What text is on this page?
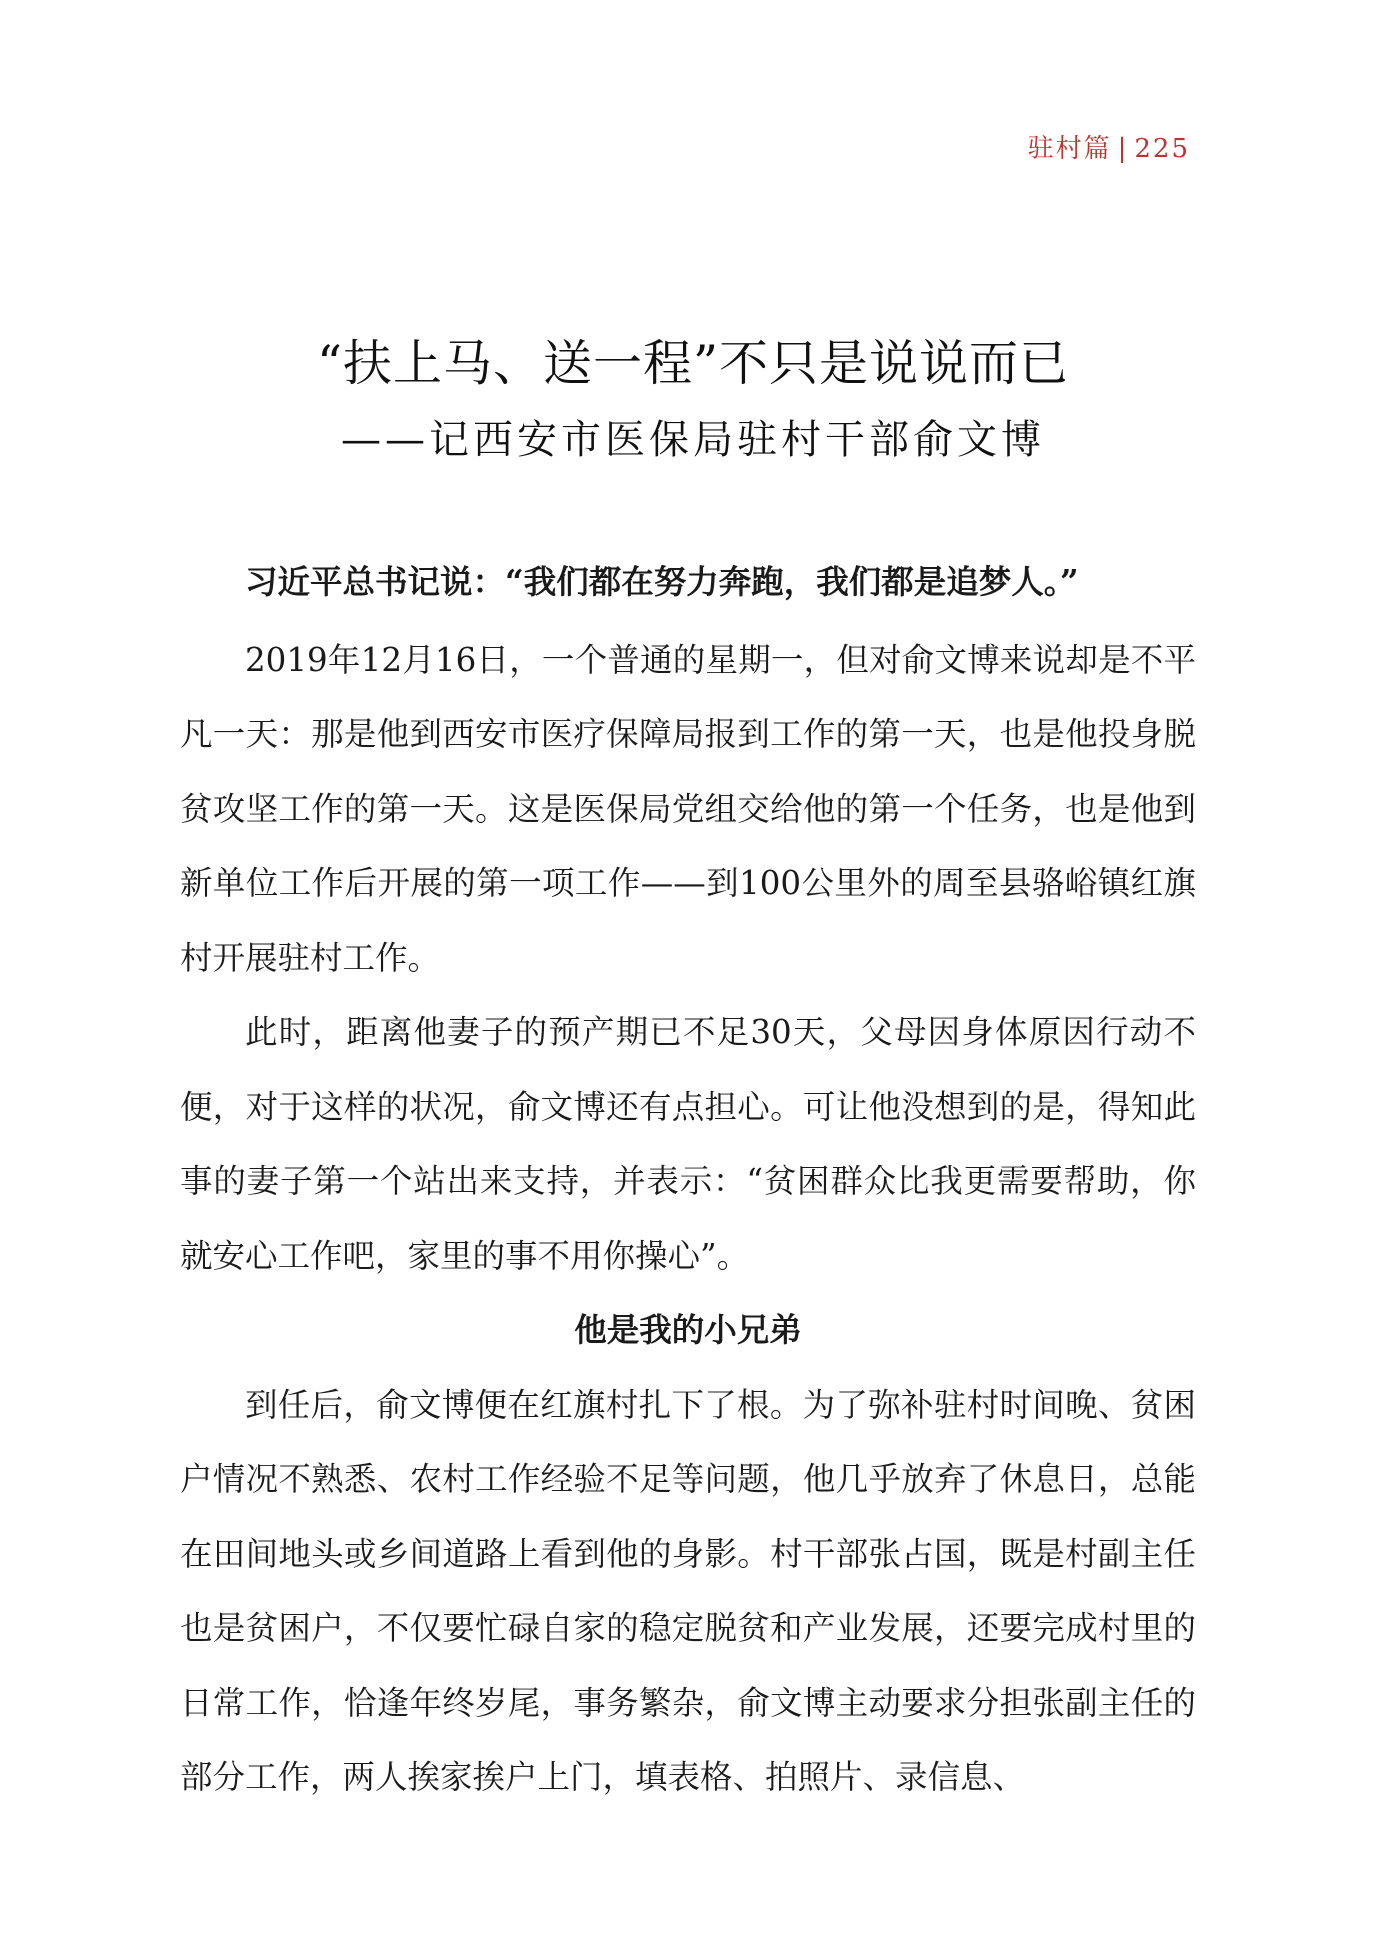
驻村篇 | 225
“扶上马、送一程”不只是说说而已
——记西安市医保局驻村干部俞文博

习近平总书记说：“我们都在努力奔跑，我们都是追梦人。”

2019年12月16日，一个普通的星期一，但对俞文博来说却是不平凡一天：那是他到西安市医疗保障局报到工作的第一天，也是他投身脱贫攻坚工作的第一天。这是医保局党组交给他的第一个任务，也是他到新单位工作后开展的第一项工作——到100公里外的周至县骆峪镇红旗村开展驻村工作。

此时，距离他妻子的预产期已不足30天，父母因身体原因行动不便，对于这样的状况，俞文博还有点担心。可让他没想到的是，得知此事的妻子第一个站出来支持，并表示：“贫困群众比我更需要帮助，你就安心工作吧，家里的事不用你操心”。

他是我的小兄弟

到任后，俞文博便在红旗村扎下了根。为了弥补驻村时间晚、贫困户情况不熟悉、农村工作经验不足等问题，他几乎放弃了休息日，总能在田间地头或乡间道路上看到他的身影。村干部张占国，既是村副主任也是贫困户，不仅要忙碌自家的稳定脱贫和产业发展，还要完成村里的日常工作，恰逢年终岁尾，事务繁杂，俞文博主动要求分担张副主任的部分工作，两人挨家挨户上门，填表格、拍照片、录信息、
